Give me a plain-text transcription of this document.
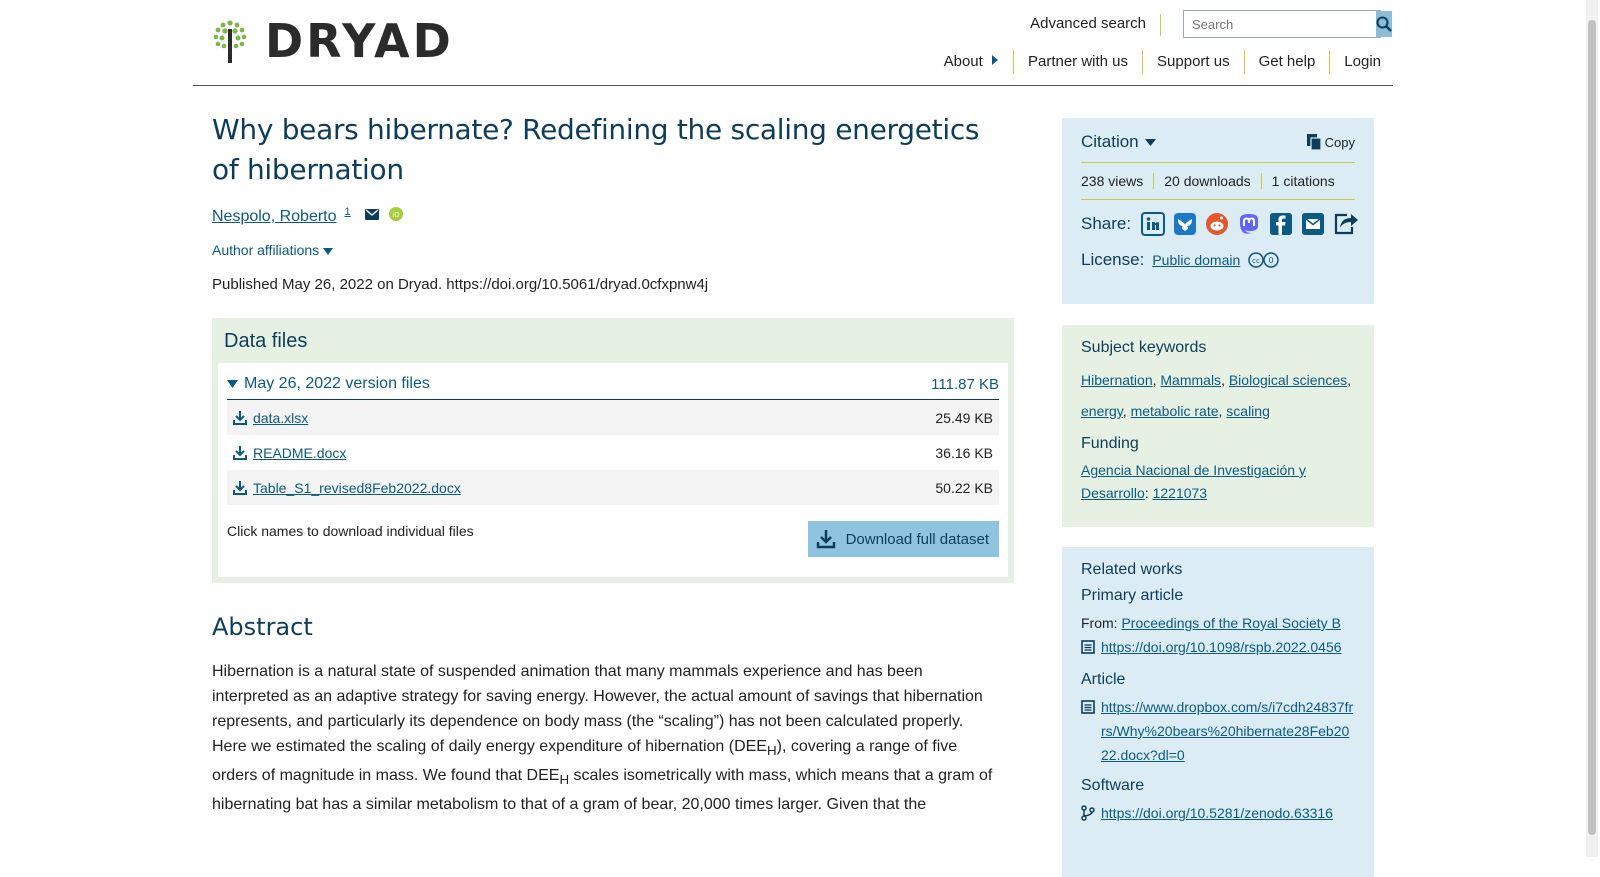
DRYAD	Advanced search
Search
About	Partner with us	Support us	Get help	Login
Why bears hibernate? Redefining the scaling energetics of hibernation
Nespolo, Roberto 1	iD
Author affiliations
Published May 26, 2022 on Dryad. https://doi.org/10.5061/dryad.0cfxpnw4j
Data files
May 26, 2022 version files	111.87 KB
data.xlsx	25.49 KB
README.docx	36.16 KB
Table_S1_revised8Feb2022.docx	50.22 KB
Click names to download individual files	Download full dataset
Abstract

Hibernation is a natural state of suspended animation that many mammals experience and has been interpreted as an adaptive strategy for saving energy. However, the actual amount of savings that hibernation represents, and particularly its dependence on body mass (the “scaling”) has not been calculated properly. Here we estimated the scaling of daily energy expenditure of hibernation $(DEE_H)$, covering a range of five orders of magnitude in mass. We found that $DEE_H$ scales isometrically with mass, which means that a gram of hibernating bat has a similar metabolism to that of a gram of bear, 20,000 times larger. Given that the

Citation	Copy
238 views	20 downloads	1 citations
Share:
License: Public domain cc 0
Subject keywords
Hibernation, Mammals, Biological sciences, energy, metabolic rate, scaling
Funding
Agencia Nacional de Investigación y Desarrollo: 1221073
Related works
Primary article
From: Proceedings of the Royal Society B
https://doi.org/10.1098/rspb.2022.0456
Article
https://www.dropbox.com/s/i7cdh24837frrs/Why%20bears%20hibernate28Feb2022.docx?dl=0
Software
https://doi.org/10.5281/zenodo.63316
